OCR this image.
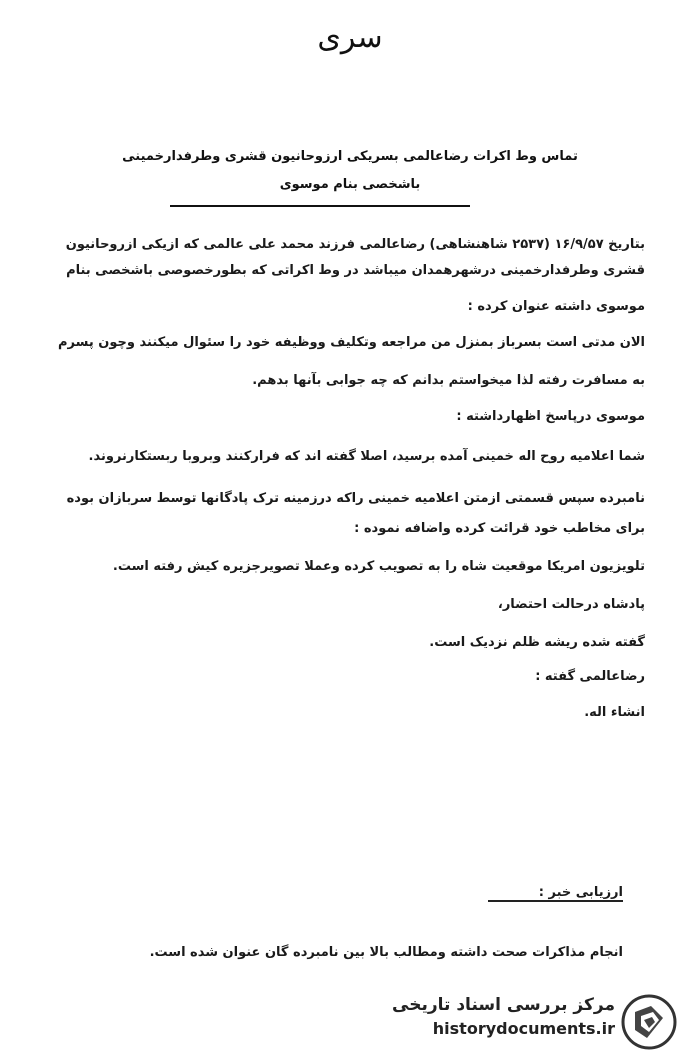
سری
تماس وط اکرات رضاعالمی بسریکی ارزوحانیون قشری وطرفدارخمینی
باشخصی بنام موسوی
بتاریخ ۱۶/۹/۵۷ (۲۵۳۷ شاهنشاهی) رضاعالمی فرزند محمد علی عالمی که ازیکی ازروحانیون
قشری وطرفدارخمینی درشهرهمدان میباشد در وط اکراتی که بطورخصوصی باشخصی بنام
موسوی داشته عنوان کرده :
الان مدتی است بسرباز بمنزل من مراجعه وتکلیف ووظیفه خود را سئوال میکنند وچون پسرم
به مسافرت رفته لذا میخواستم بدانم که چه جوابی بآنها بدهم.
موسوی درپاسخ اظهارداشته :
شما اعلامیه روح اله خمینی آمده برسید، اصلا گفته اند که فرارکنند وبروبا ربستکارنروند.
نامبرده سپس قسمتی ازمتن اعلامیه خمینی راکه درزمینه ترک پادگانها توسط سربازان بوده
برای مخاطب خود قرائت کرده واضافه نموده :
تلویزیون امریکا موقعیت شاه را به تصویب کرده وعملا تصویرجزیره کیش رفته است.
پادشاه درحالت احتضار،
گفته شده ریشه ظلم نزدیک است.
رضاعالمی گفته :
انشاء اله.
ارزیابی خبر :
انجام مذاکرات صحت داشته ومطالب بالا بین نامبرده گان عنوان شده است.
مرکز بررسی اسناد تاریخی
historydocuments.ir
